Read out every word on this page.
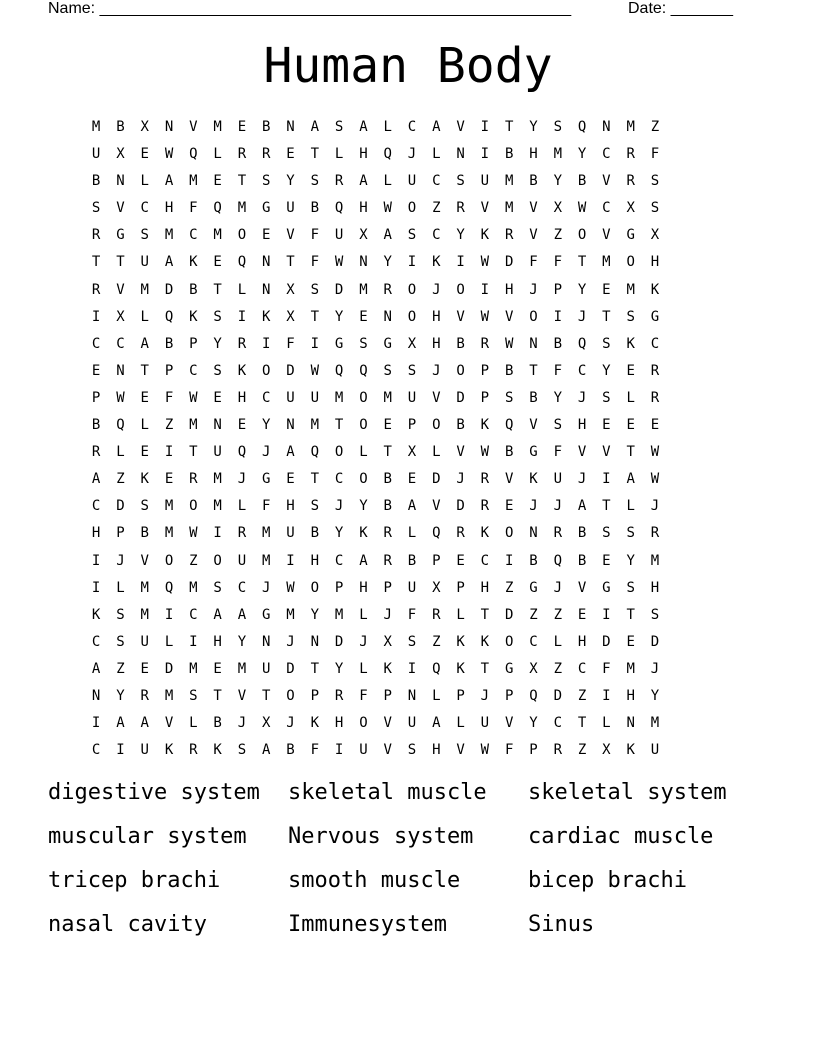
Name: _____________________________________________________	Date: _______
Human Body
M	B	X	N	V	M	E	B	N	A	S	A	L	C	A	V	I	T	Y	S	Q	N	M	Z
U	X	E	W	Q	L	R	R	E	T	L	H	Q	J	L	N	I	B	H	M	Y	C	R	F
B	N	L	A	M	E	T	S	Y	S	R	A	L	U	C	S	U	M	B	Y	B	V	R	S
S	V	C	H	F	Q	M	G	U	B	Q	H	W	O	Z	R	V	M	V	X	W	C	X	S
R	G	S	M	C	M	O	E	V	F	U	X	A	S	C	Y	K	R	V	Z	O	V	G	X
T	T	U	A	K	E	Q	N	T	F	W	N	Y	I	K	I	W	D	F	F	T	M	O	H
R	V	M	D	B	T	L	N	X	S	D	M	R	O	J	O	I	H	J	P	Y	E	M	K
I	X	L	Q	K	S	I	K	X	T	Y	E	N	O	H	V	W	V	O	I	J	T	S	G
C	C	A	B	P	Y	R	I	F	I	G	S	G	X	H	B	R	W	N	B	Q	S	K	C
E	N	T	P	C	S	K	O	D	W	Q	Q	S	S	J	O	P	B	T	F	C	Y	E	R
P	W	E	F	W	E	H	C	U	U	M	O	M	U	V	D	P	S	B	Y	J	S	L	R
B	Q	L	Z	M	N	E	Y	N	M	T	O	E	P	O	B	K	Q	V	S	H	E	E	E
R	L	E	I	T	U	Q	J	A	Q	O	L	T	X	L	V	W	B	G	F	V	V	T	W
A	Z	K	E	R	M	J	G	E	T	C	O	B	E	D	J	R	V	K	U	J	I	A	W
C	D	S	M	O	M	L	F	H	S	J	Y	B	A	V	D	R	E	J	J	A	T	L	J
H	P	B	M	W	I	R	M	U	B	Y	K	R	L	Q	R	K	O	N	R	B	S	S	R
I	J	V	O	Z	O	U	M	I	H	C	A	R	B	P	E	C	I	B	Q	B	E	Y	M
I	L	M	Q	M	S	C	J	W	O	P	H	P	U	X	P	H	Z	G	J	V	G	S	H
K	S	M	I	C	A	A	G	M	Y	M	L	J	F	R	L	T	D	Z	Z	E	I	T	S
C	S	U	L	I	H	Y	N	J	N	D	J	X	S	Z	K	K	O	C	L	H	D	E	D
A	Z	E	D	M	E	M	U	D	T	Y	L	K	I	Q	K	T	G	X	Z	C	F	M	J
N	Y	R	M	S	T	V	T	O	P	R	F	P	N	L	P	J	P	Q	D	Z	I	H	Y
I	A	A	V	L	B	J	X	J	K	H	O	V	U	A	L	U	V	Y	C	T	L	N	M
C	I	U	K	R	K	S	A	B	F	I	U	V	S	H	V	W	F	P	R	Z	X	K	U
digestive system	skeletal muscle	skeletal system
muscular system	Nervous system	cardiac muscle
tricep brachi	smooth muscle	bicep brachi
nasal cavity	Immunesystem	Sinus
